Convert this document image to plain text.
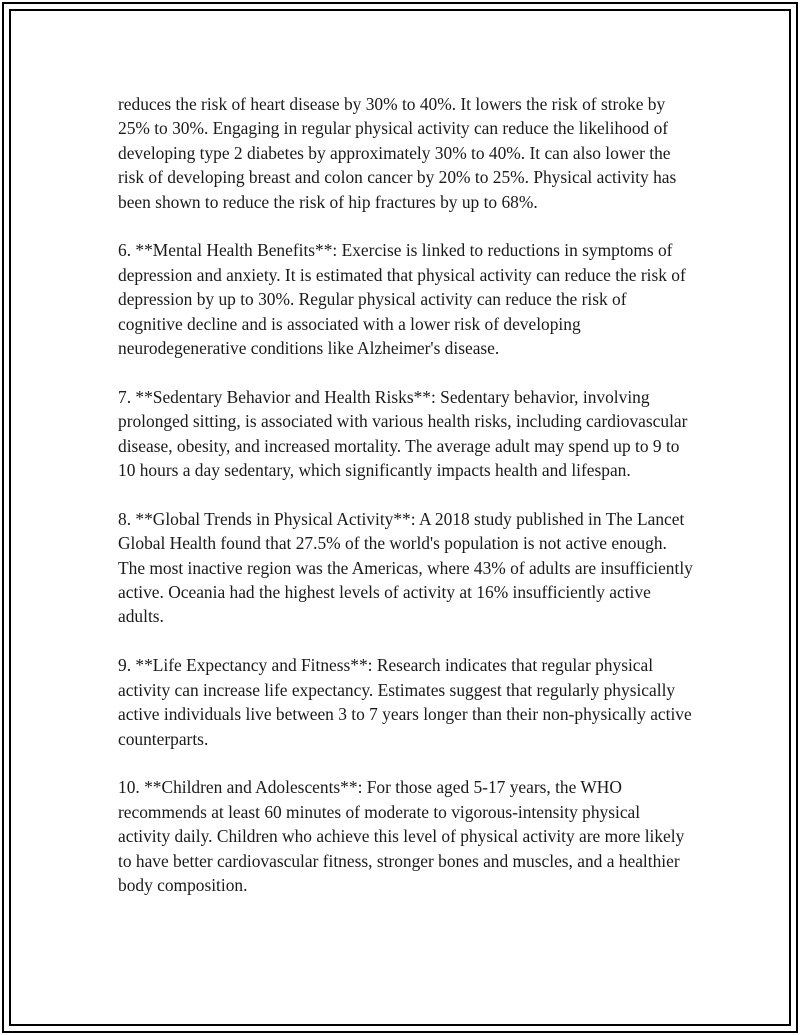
reduces the risk of heart disease by 30% to 40%. It lowers the risk of stroke by 25% to 30%. Engaging in regular physical activity can reduce the likelihood of developing type 2 diabetes by approximately 30% to 40%. It can also lower the risk of developing breast and colon cancer by 20% to 25%. Physical activity has been shown to reduce the risk of hip fractures by up to 68%.

6. **Mental Health Benefits**: Exercise is linked to reductions in symptoms of depression and anxiety. It is estimated that physical activity can reduce the risk of depression by up to 30%. Regular physical activity can reduce the risk of cognitive decline and is associated with a lower risk of developing neurodegenerative conditions like Alzheimer's disease.

7. **Sedentary Behavior and Health Risks**: Sedentary behavior, involving prolonged sitting, is associated with various health risks, including cardiovascular disease, obesity, and increased mortality. The average adult may spend up to 9 to 10 hours a day sedentary, which significantly impacts health and lifespan.

8. **Global Trends in Physical Activity**: A 2018 study published in The Lancet Global Health found that 27.5% of the world's population is not active enough. The most inactive region was the Americas, where 43% of adults are insufficiently active. Oceania had the highest levels of activity at 16% insufficiently active adults.

9. **Life Expectancy and Fitness**: Research indicates that regular physical activity can increase life expectancy. Estimates suggest that regularly physically active individuals live between 3 to 7 years longer than their non-physically active counterparts.

10. **Children and Adolescents**: For those aged 5-17 years, the WHO recommends at least 60 minutes of moderate to vigorous-intensity physical activity daily. Children who achieve this level of physical activity are more likely to have better cardiovascular fitness, stronger bones and muscles, and a healthier body composition.
